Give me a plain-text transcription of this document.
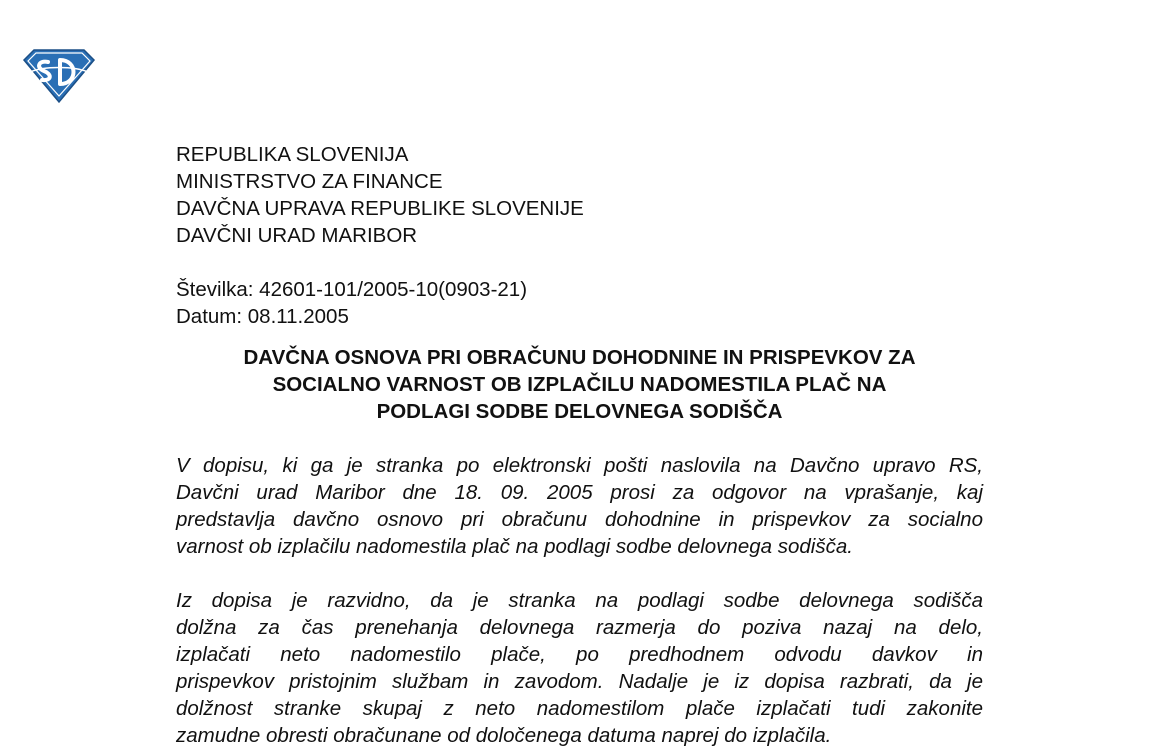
REPUBLIKA SLOVENIJA
MINISTRSTVO ZA FINANCE
DAVČNA UPRAVA REPUBLIKE SLOVENIJE
DAVČNI URAD MARIBOR
Številka: 42601-101/2005-10(0903-21)
Datum: 08.11.2005
DAVČNA OSNOVA PRI OBRAČUNU DOHODNINE IN PRISPEVKOV ZA
SOCIALNO VARNOST OB IZPLAČILU NADOMESTILA PLAČ NA
PODLAGI SODBE DELOVNEGA SODIŠČA
V dopisu, ki ga je stranka po elektronski pošti naslovila na Davčno upravo RS,
Davčni urad Maribor dne 18. 09. 2005 prosi za odgovor na vprašanje, kaj
predstavlja davčno osnovo pri obračunu dohodnine in prispevkov za socialno
varnost ob izplačilu nadomestila plač na podlagi sodbe delovnega sodišča.
Iz dopisa je razvidno, da je stranka na podlagi sodbe delovnega sodišča
dolžna za čas prenehanja delovnega razmerja do poziva nazaj na delo,
izplačati neto nadomestilo plače, po predhodnem odvodu davkov in
prispevkov pristojnim službam in zavodom. Nadalje je iz dopisa razbrati, da je
dolžnost stranke skupaj z neto nadomestilom plače izplačati tudi zakonite
zamudne obresti obračunane od določenega datuma naprej do izplačila.
